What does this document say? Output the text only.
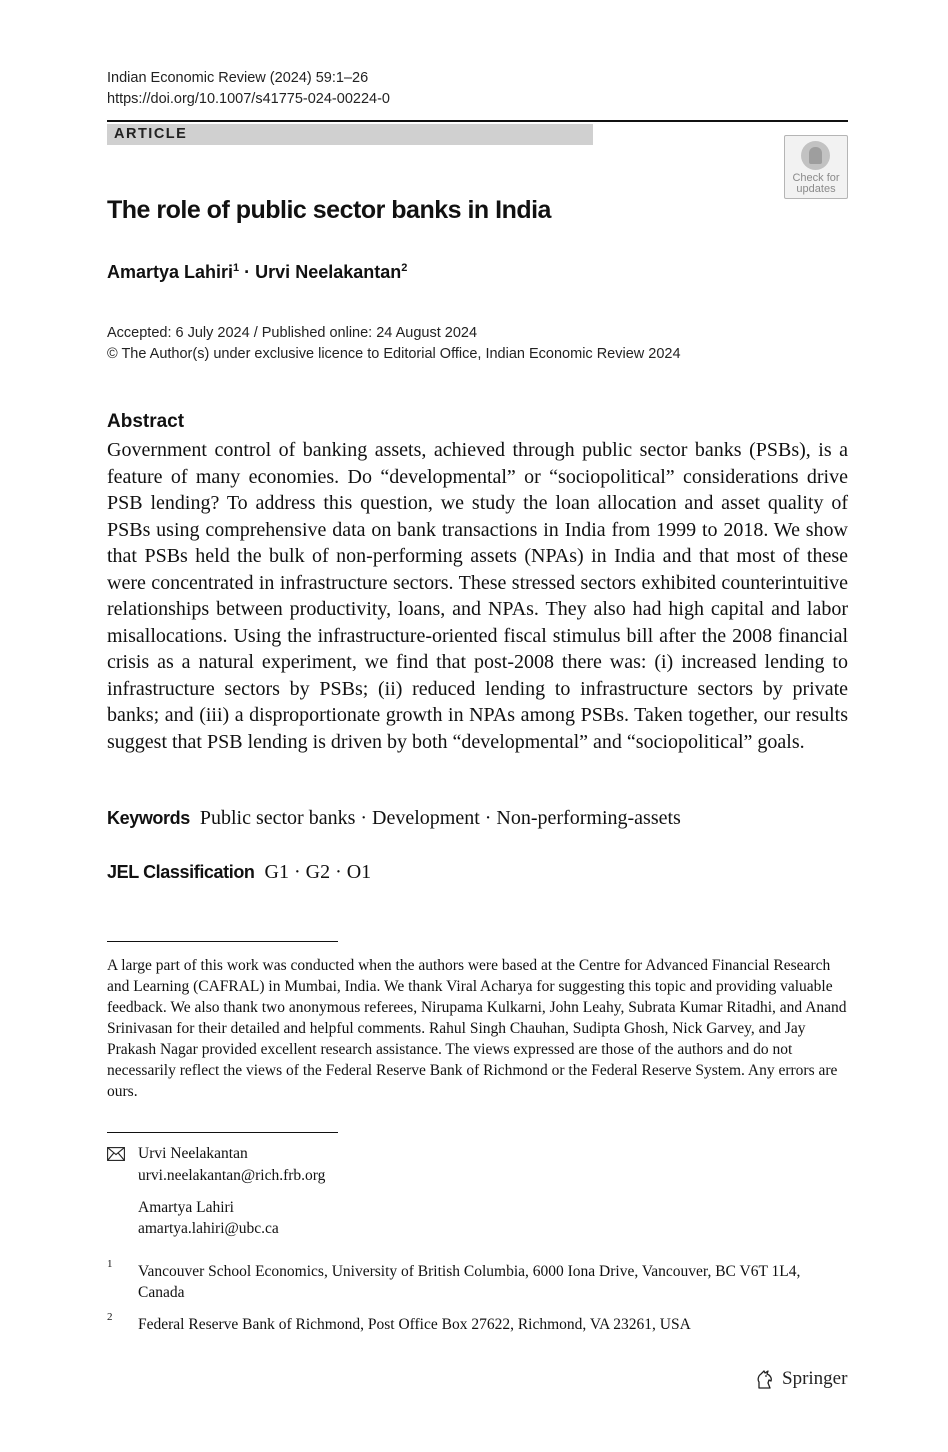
Indian Economic Review (2024) 59:1–26
https://doi.org/10.1007/s41775-024-00224-0
ARTICLE
Check for
updates
The role of public sector banks in India
Amartya Lahiri$^1$ · Urvi Neelakantan$^2$
Accepted: 6 July 2024 / Published online: 24 August 2024
© The Author(s) under exclusive licence to Editorial Office, Indian Economic Review 2024
Abstract
Government control of banking assets, achieved through public sector banks (PSBs), is a feature of many economies. Do “developmental” or “sociopolitical” considerations drive PSB lending? To address this question, we study the loan allocation and asset quality of PSBs using comprehensive data on bank transactions in India from 1999 to 2018. We show that PSBs held the bulk of non-performing assets (NPAs) in India and that most of these were concentrated in infrastructure sectors. These stressed sectors exhibited counterintuitive relationships between productivity, loans, and NPAs. They also had high capital and labor misallocations. Using the infrastructure-oriented fiscal stimulus bill after the 2008 financial crisis as a natural experiment, we find that post-2008 there was: (i) increased lending to infrastructure sectors by PSBs; (ii) reduced lending to infrastructure sectors by private banks; and (iii) a disproportionate growth in NPAs among PSBs. Taken together, our results suggest that PSB lending is driven by both “developmental” and “sociopolitical” goals.
Keywords Public sector banks · Development · Non-performing-assets
JEL Classification G1 · G2 · O1
A large part of this work was conducted when the authors were based at the Centre for Advanced Financial Research and Learning (CAFRAL) in Mumbai, India. We thank Viral Acharya for suggesting this topic and providing valuable feedback. We also thank two anonymous referees, Nirupama Kulkarni, John Leahy, Subrata Kumar Ritadhi, and Anand Srinivasan for their detailed and helpful comments. Rahul Singh Chauhan, Sudipta Ghosh, Nick Garvey, and Jay Prakash Nagar provided excellent research assistance. The views expressed are those of the authors and do not necessarily reflect the views of the Federal Reserve Bank of Richmond or the Federal Reserve System. Any errors are ours.
Urvi Neelakantan
urvi.neelakantan@rich.frb.org
Amartya Lahiri
amartya.lahiri@ubc.ca
1 Vancouver School Economics, University of British Columbia, 6000 Iona Drive, Vancouver, BC V6T 1L4, Canada
2 Federal Reserve Bank of Richmond, Post Office Box 27622, Richmond, VA 23261, USA
Springer
